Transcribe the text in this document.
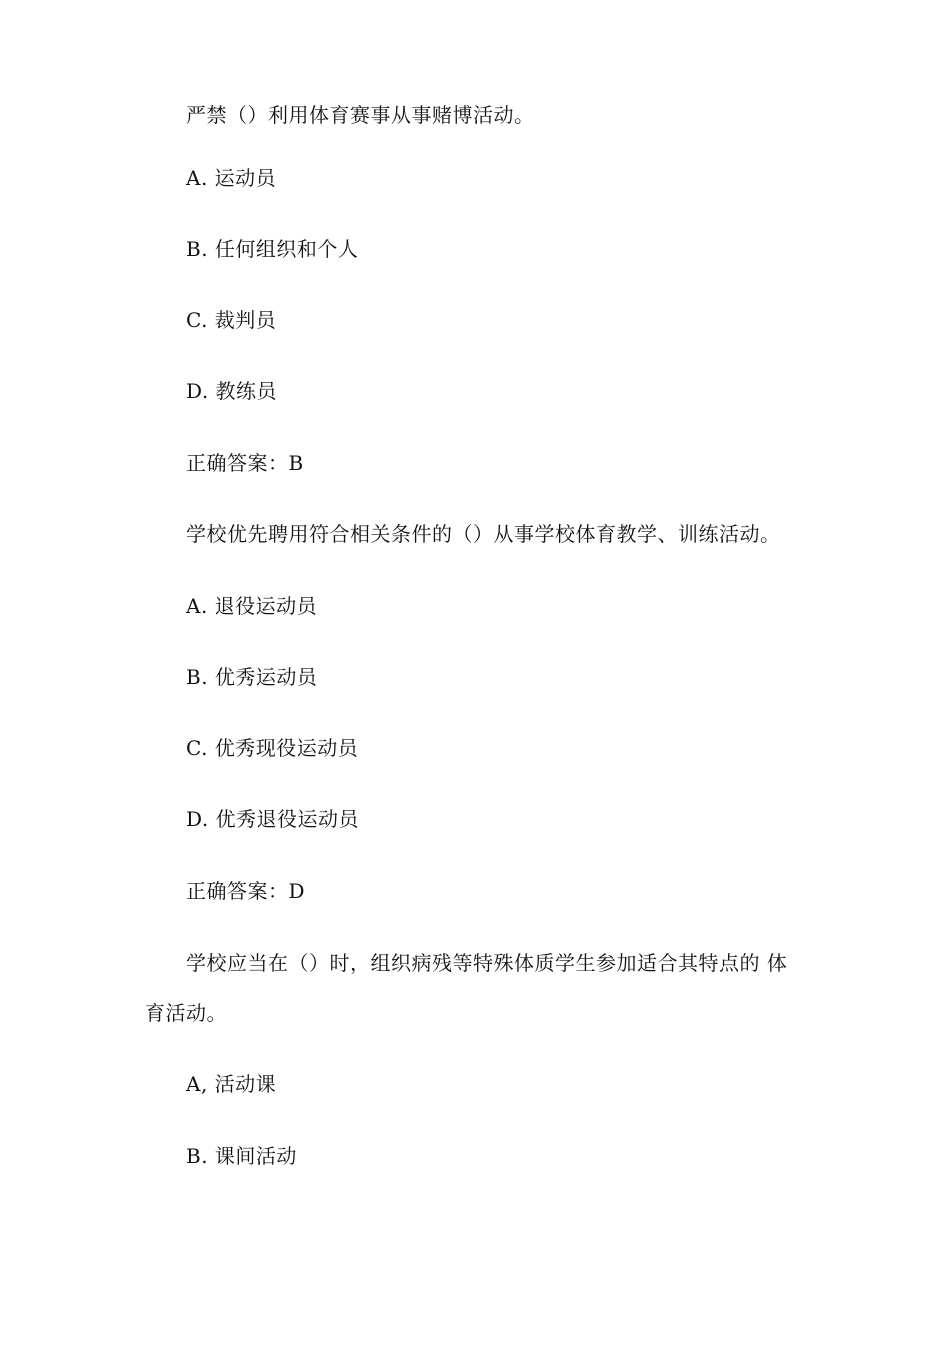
严禁（）利用体育赛事从事赌博活动。
A. 运动员
B. 任何组织和个人
C. 裁判员
D. 教练员
正确答案：B
学校优先聘用符合相关条件的（）从事学校体育教学、训练活动。
A. 退役运动员
B. 优秀运动员
C. 优秀现役运动员
D. 优秀退役运动员
正确答案：D
学校应当在（）时，组织病残等特殊体质学生参加适合其特点的 体
育活动。
A, 活动课
B. 课间活动
